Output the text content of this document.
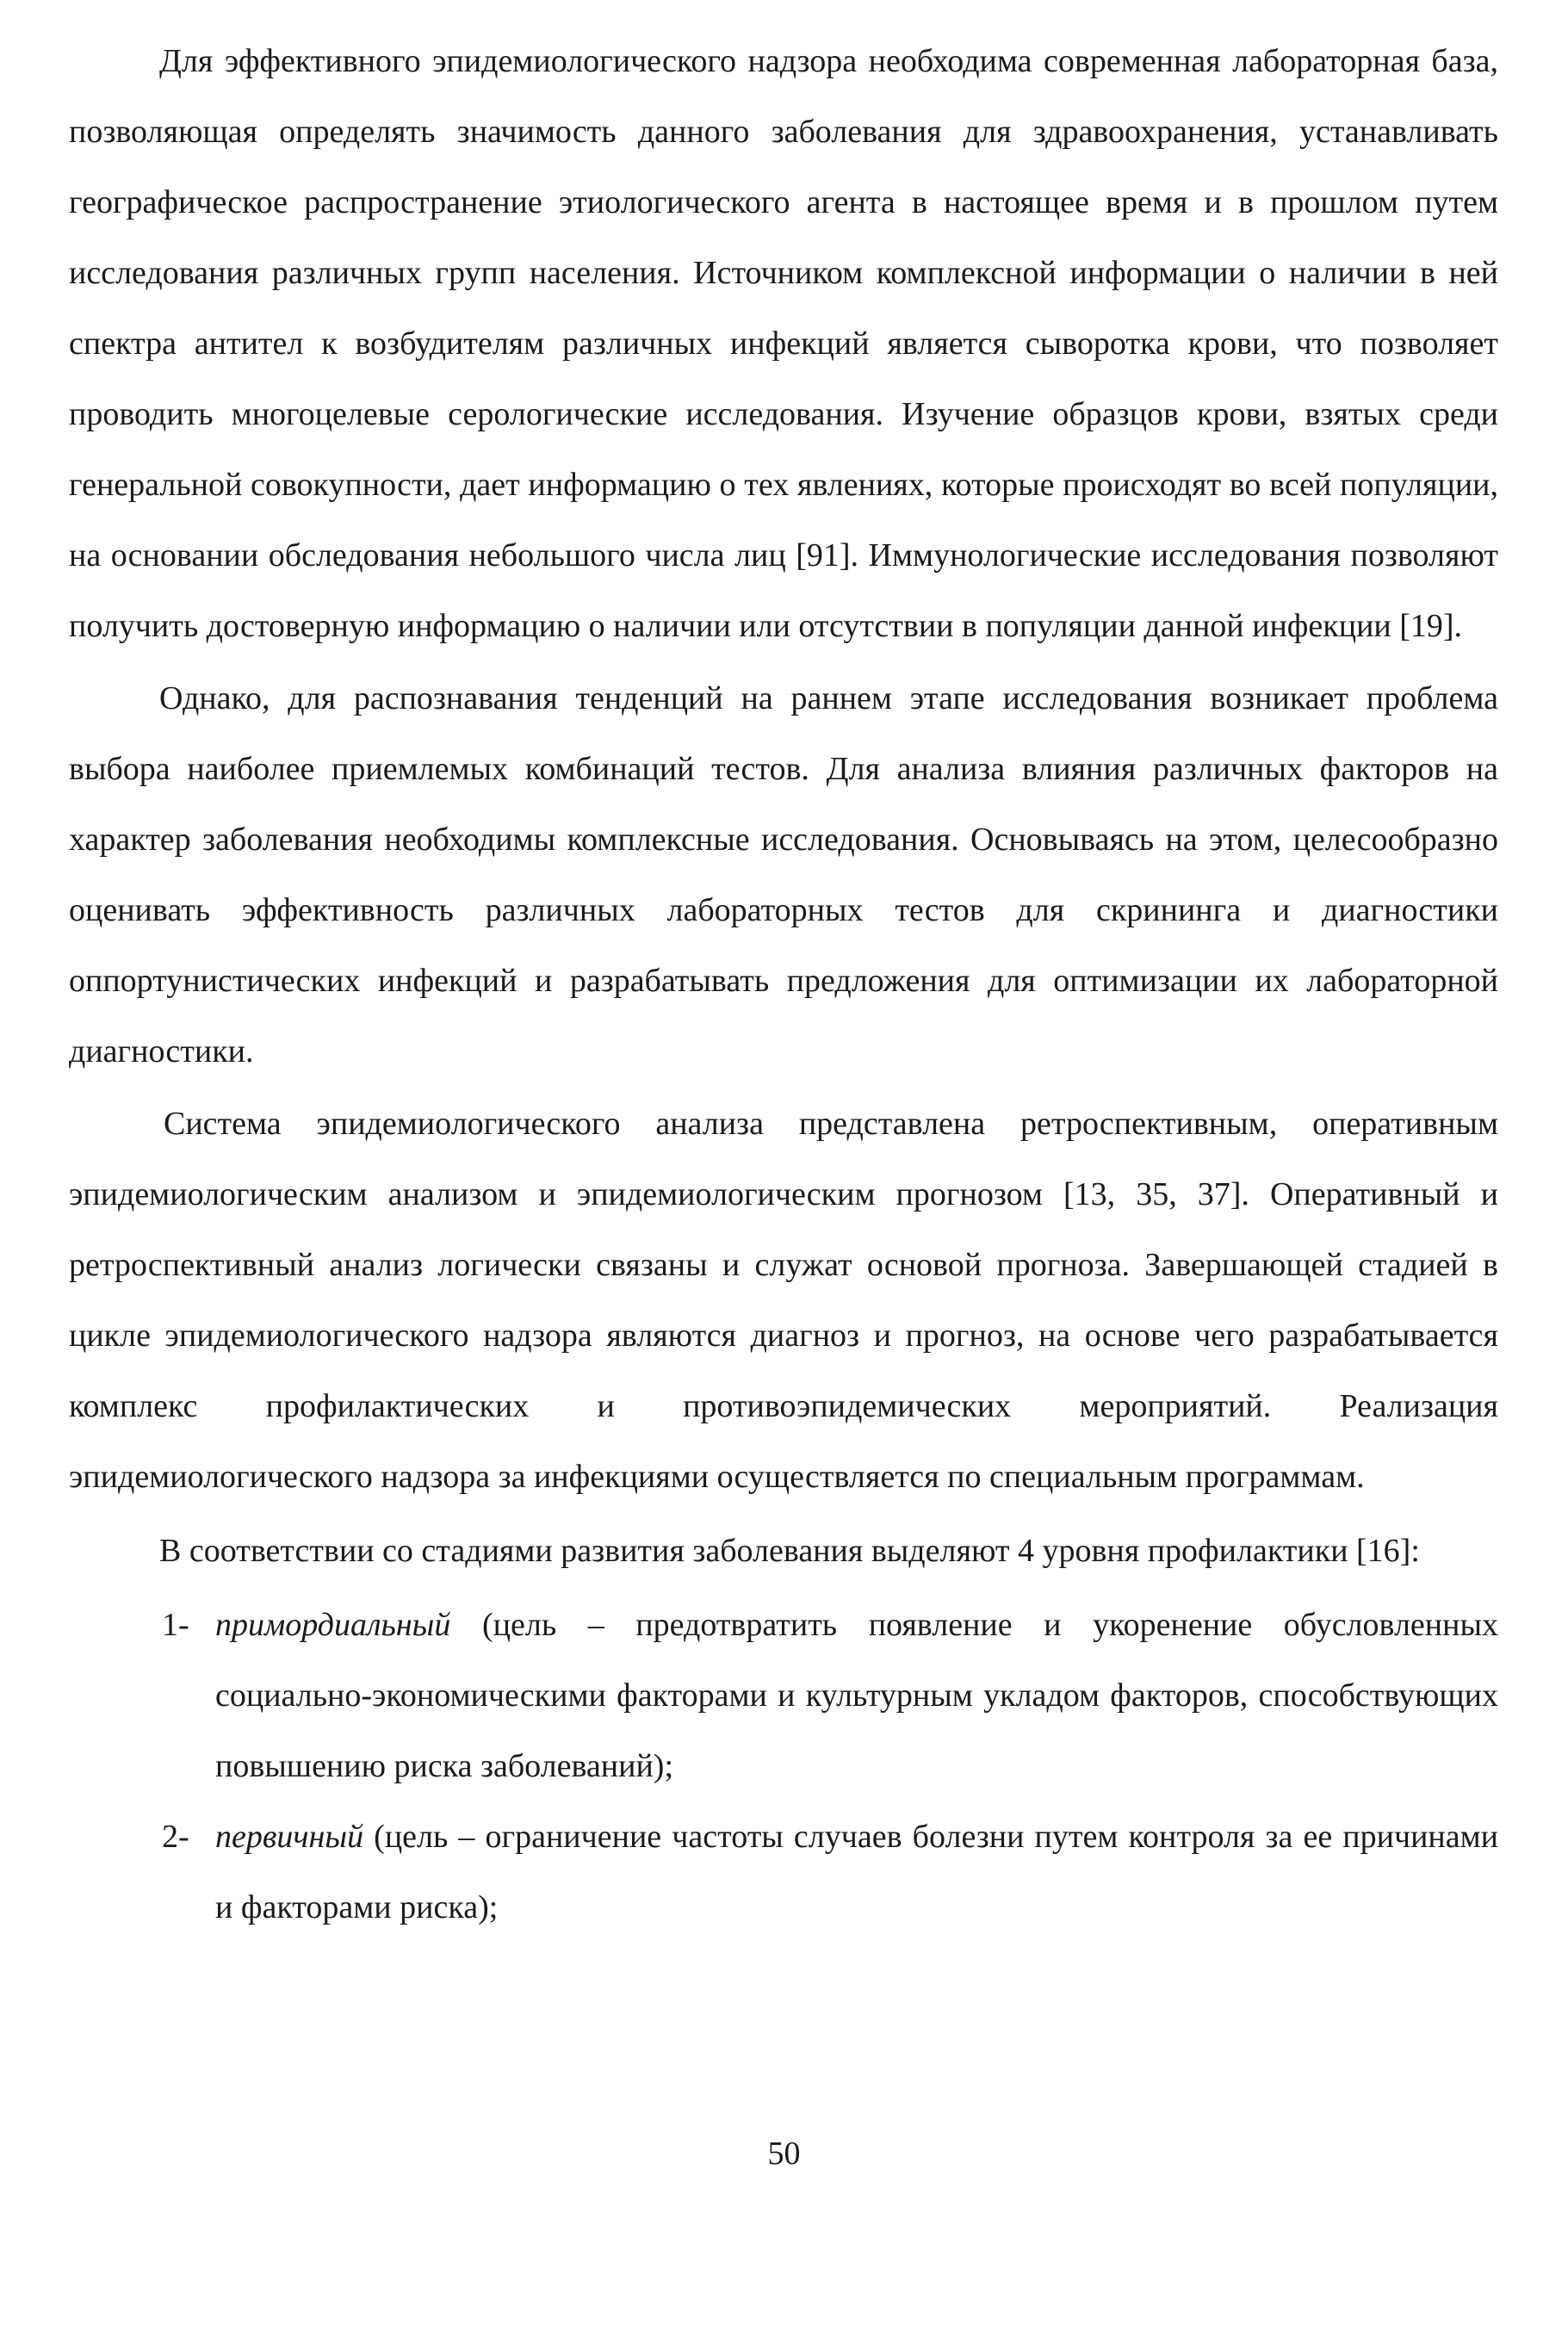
Для эффективного эпидемиологического надзора необходима современная лабораторная база, позволяющая определять значимость данного заболевания для здравоохранения, устанавливать географическое распространение этиологического агента в настоящее время и в прошлом путем исследования различных групп населения. Источником комплексной информации о наличии в ней спектра антител к возбудителям различных инфекций является сыворотка крови, что позволяет проводить многоцелевые серологические исследования. Изучение образцов крови, взятых среди генеральной совокупности, дает информацию о тех явлениях, которые происходят во всей популяции, на основании обследования небольшого числа лиц [91]. Иммунологические исследования позволяют получить достоверную информацию о наличии или отсутствии в популяции данной инфекции [19].

Однако, для распознавания тенденций на раннем этапе исследования возникает проблема выбора наиболее приемлемых комбинаций тестов. Для анализа влияния различных факторов на характер заболевания необходимы комплексные исследования. Основываясь на этом, целесообразно оценивать эффективность различных лабораторных тестов для скрининга и диагностики оппортунистических инфекций и разрабатывать предложения для оптимизации их лабораторной диагностики.

Система эпидемиологического анализа представлена ретроспективным, оперативным эпидемиологическим анализом и эпидемиологическим прогнозом [13, 35, 37]. Оперативный и ретроспективный анализ логически связаны и служат основой прогноза. Завершающей стадией в цикле эпидемиологического надзора являются диагноз и прогноз, на основе чего разрабатывается комплекс профилактических и противоэпидемических мероприятий. Реализация эпидемиологического надзора за инфекциями осуществляется по специальным программам.

В соответствии со стадиями развития заболевания выделяют 4 уровня профилактики [16]:

1- примордиальный (цель – предотвратить появление и укоренение обусловленных социально-экономическими факторами и культурным укладом факторов, способствующих повышению риска заболеваний);
2- первичный (цель – ограничение частоты случаев болезни путем контроля за ее причинами и факторами риска);
50
